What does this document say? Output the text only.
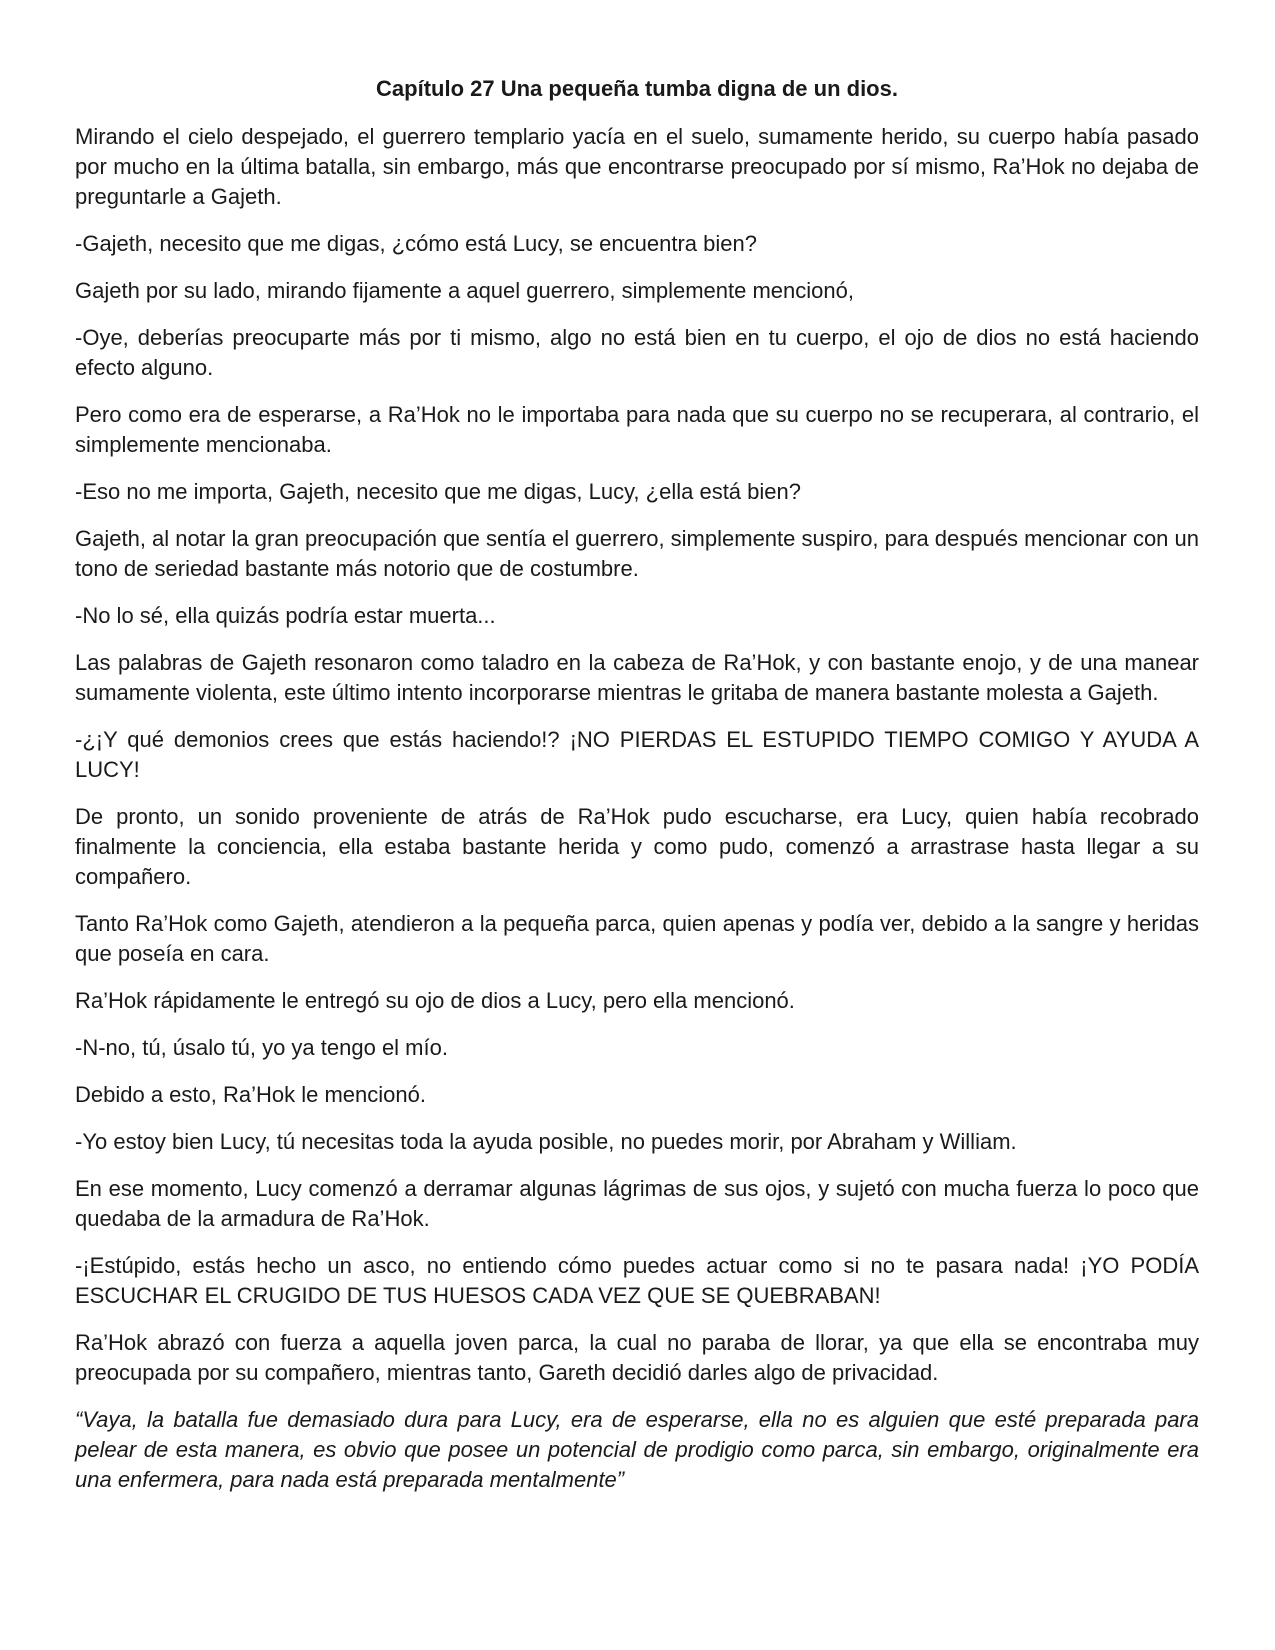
Capítulo 27 Una pequeña tumba digna de un dios.

Mirando el cielo despejado, el guerrero templario yacía en el suelo, sumamente herido, su cuerpo había pasado por mucho en la última batalla, sin embargo, más que encontrarse preocupado por sí mismo, Ra’Hok no dejaba de preguntarle a Gajeth.

-Gajeth, necesito que me digas, ¿cómo está Lucy, se encuentra bien?

Gajeth por su lado, mirando fijamente a aquel guerrero, simplemente mencionó,

-Oye, deberías preocuparte más por ti mismo, algo no está bien en tu cuerpo, el ojo de dios no está haciendo efecto alguno.

Pero como era de esperarse, a Ra’Hok no le importaba para nada que su cuerpo no se recuperara, al contrario, el simplemente mencionaba.

-Eso no me importa, Gajeth, necesito que me digas, Lucy, ¿ella está bien?

Gajeth, al notar la gran preocupación que sentía el guerrero, simplemente suspiro, para después mencionar con un tono de seriedad bastante más notorio que de costumbre.

-No lo sé, ella quizás podría estar muerta...

Las palabras de Gajeth resonaron como taladro en la cabeza de Ra’Hok, y con bastante enojo, y de una manear sumamente violenta, este último intento incorporarse mientras le gritaba de manera bastante molesta a Gajeth.

-¿¡Y qué demonios crees que estás haciendo!? ¡NO PIERDAS EL ESTUPIDO TIEMPO COMIGO Y AYUDA A LUCY!

De pronto, un sonido proveniente de atrás de Ra’Hok pudo escucharse, era Lucy, quien había recobrado finalmente la conciencia, ella estaba bastante herida y como pudo, comenzó a arrastrase hasta llegar a su compañero.

Tanto Ra’Hok como Gajeth, atendieron a la pequeña parca, quien apenas y podía ver, debido a la sangre y heridas que poseía en cara.

Ra’Hok rápidamente le entregó su ojo de dios a Lucy, pero ella mencionó.

-N-no, tú, úsalo tú, yo ya tengo el mío.

Debido a esto, Ra’Hok le mencionó.

-Yo estoy bien Lucy, tú necesitas toda la ayuda posible, no puedes morir, por Abraham y William.

En ese momento, Lucy comenzó a derramar algunas lágrimas de sus ojos, y sujetó con mucha fuerza lo poco que quedaba de la armadura de Ra’Hok.

-¡Estúpido, estás hecho un asco, no entiendo cómo puedes actuar como si no te pasara nada! ¡YO PODÍA ESCUCHAR EL CRUGIDO DE TUS HUESOS CADA VEZ QUE SE QUEBRABAN!

Ra’Hok abrazó con fuerza a aquella joven parca, la cual no paraba de llorar, ya que ella se encontraba muy preocupada por su compañero, mientras tanto, Gareth decidió darles algo de privacidad.

“Vaya, la batalla fue demasiado dura para Lucy, era de esperarse, ella no es alguien que esté preparada para pelear de esta manera, es obvio que posee un potencial de prodigio como parca, sin embargo, originalmente era una enfermera, para nada está preparada mentalmente”
